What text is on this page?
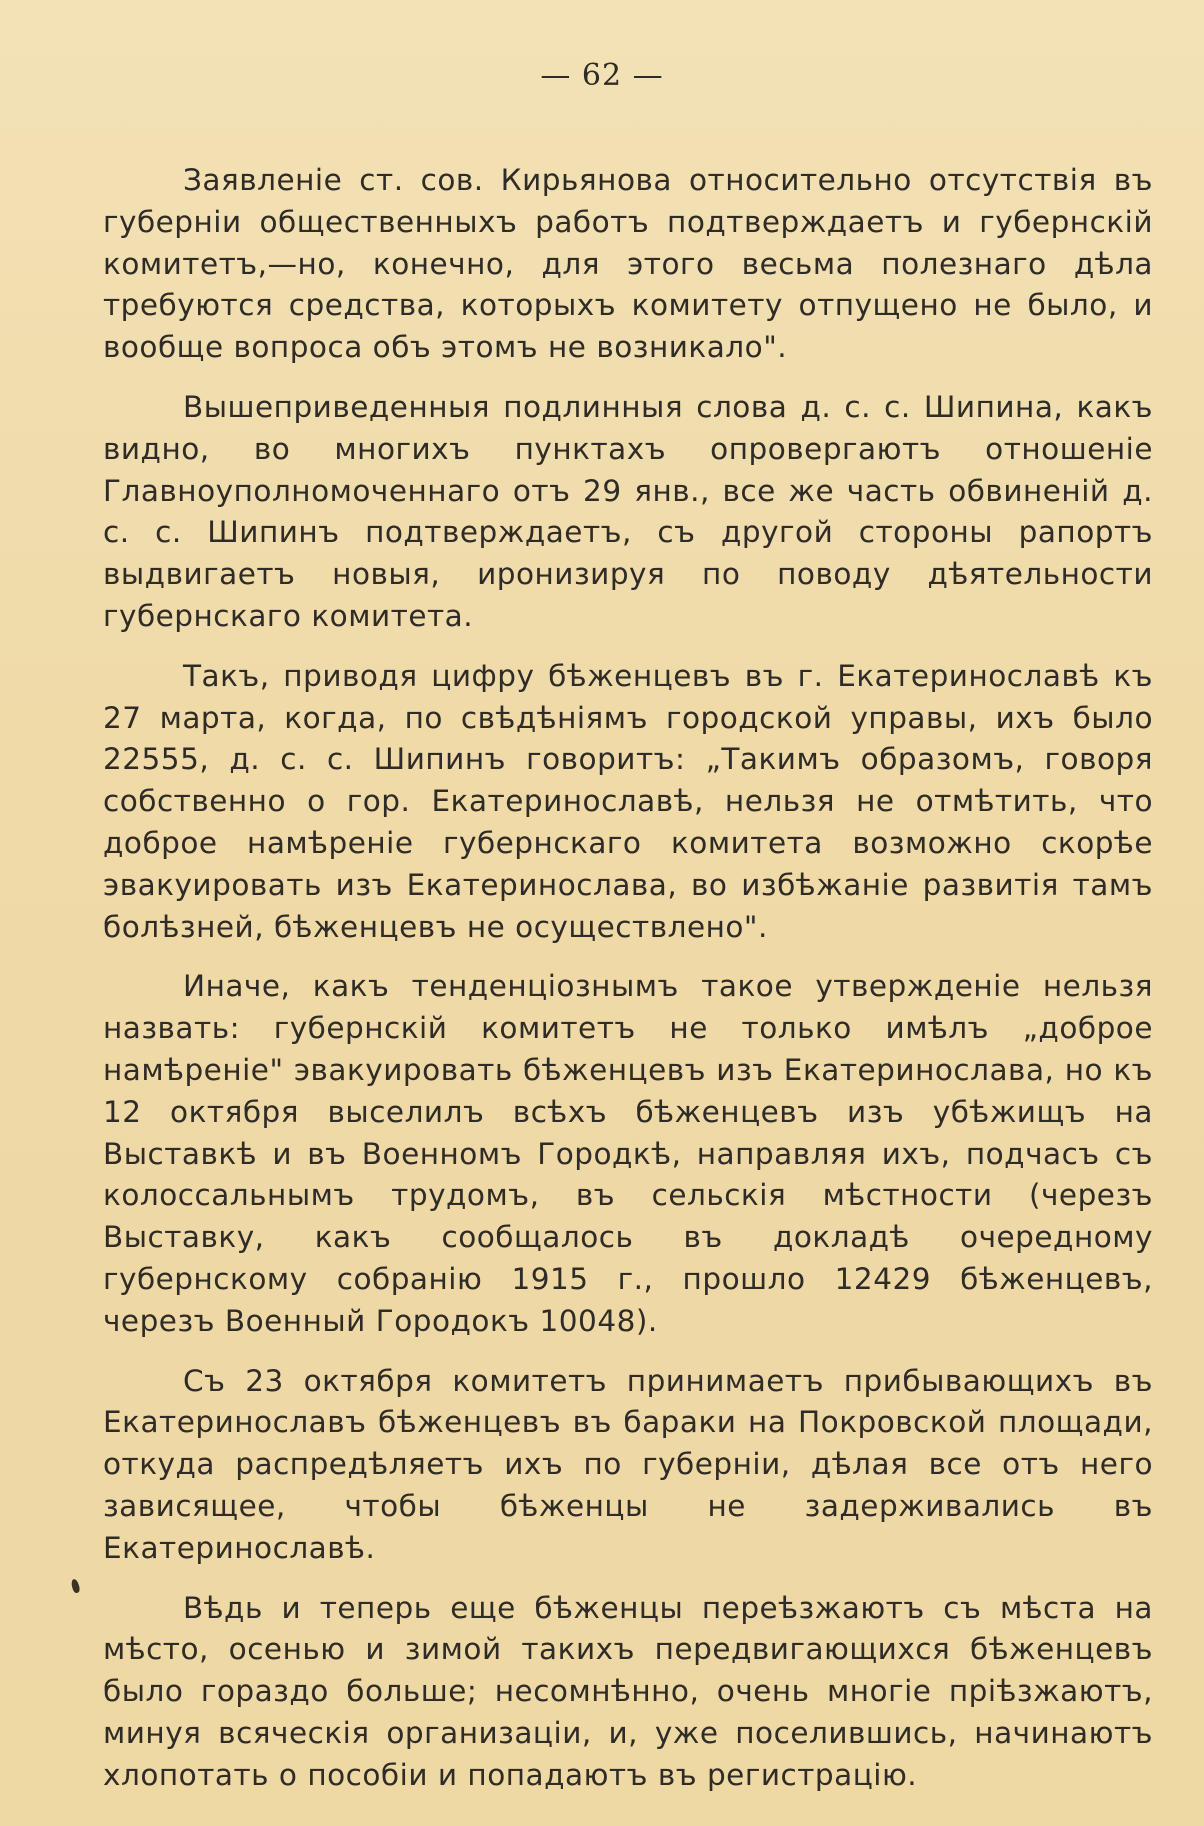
— 62 —

Заявленіе ст. сов. Кирьянова относительно отсутствія въ губерніи общественныхъ работъ подтверждаетъ и губернскій комитетъ,—но, конечно, для этого весьма полезнаго дѣла требуются средства, которыхъ комитету отпущено не было, и вообще вопроса объ этомъ не возникало".

Вышеприведенныя подлинныя слова д. с. с. Шипина, какъ видно, во многихъ пунктахъ опровергаютъ отношеніе Главноуполномоченнаго отъ 29 янв., все же часть обвиненій д. с. с. Шипинъ подтверждаетъ, съ другой стороны рапортъ выдвигаетъ новыя, иронизируя по поводу дѣятельности губернскаго комитета.

Такъ, приводя цифру бѣженцевъ въ г. Екатеринославѣ къ 27 марта, когда, по свѣдѣніямъ городской управы, ихъ было 22555, д. с. с. Шипинъ говоритъ: „Такимъ образомъ, говоря собственно о гор. Екатеринославѣ, нельзя не отмѣтить, что доброе намѣреніе губернскаго комитета возможно скорѣе эвакуировать изъ Екатеринослава, во избѣжаніе развитія тамъ болѣзней, бѣженцевъ не осуществлено".

Иначе, какъ тенденціознымъ такое утвержденіе нельзя назвать: губернскій комитетъ не только имѣлъ „доброе намѣреніе" эвакуировать бѣженцевъ изъ Екатеринослава, но къ 12 октября выселилъ всѣхъ бѣженцевъ изъ убѣжищъ на Выставкѣ и въ Военномъ Городкѣ, направляя ихъ, подчасъ съ колоссальнымъ трудомъ, въ сельскія мѣстности (черезъ Выставку, какъ сообщалось въ докладѣ очередному губернскому собранію 1915 г., прошло 12429 бѣженцевъ, черезъ Военный Городокъ 10048).

Съ 23 октября комитетъ принимаетъ прибывающихъ въ Екатеринославъ бѣженцевъ въ бараки на Покровской площади, откуда распредѣляетъ ихъ по губерніи, дѣлая все отъ него зависящее, чтобы бѣженцы не задерживались въ Екатеринославѣ.

Вѣдь и теперь еще бѣженцы переѣзжаютъ съ мѣста на мѣсто, осенью и зимой такихъ передвигающихся бѣженцевъ было гораздо больше; несомнѣнно, очень многіе пріѣзжаютъ, минуя всяческія организаціи, и, уже поселившись, начинаютъ хлопотать о пособіи и попадаютъ въ регистрацію.
